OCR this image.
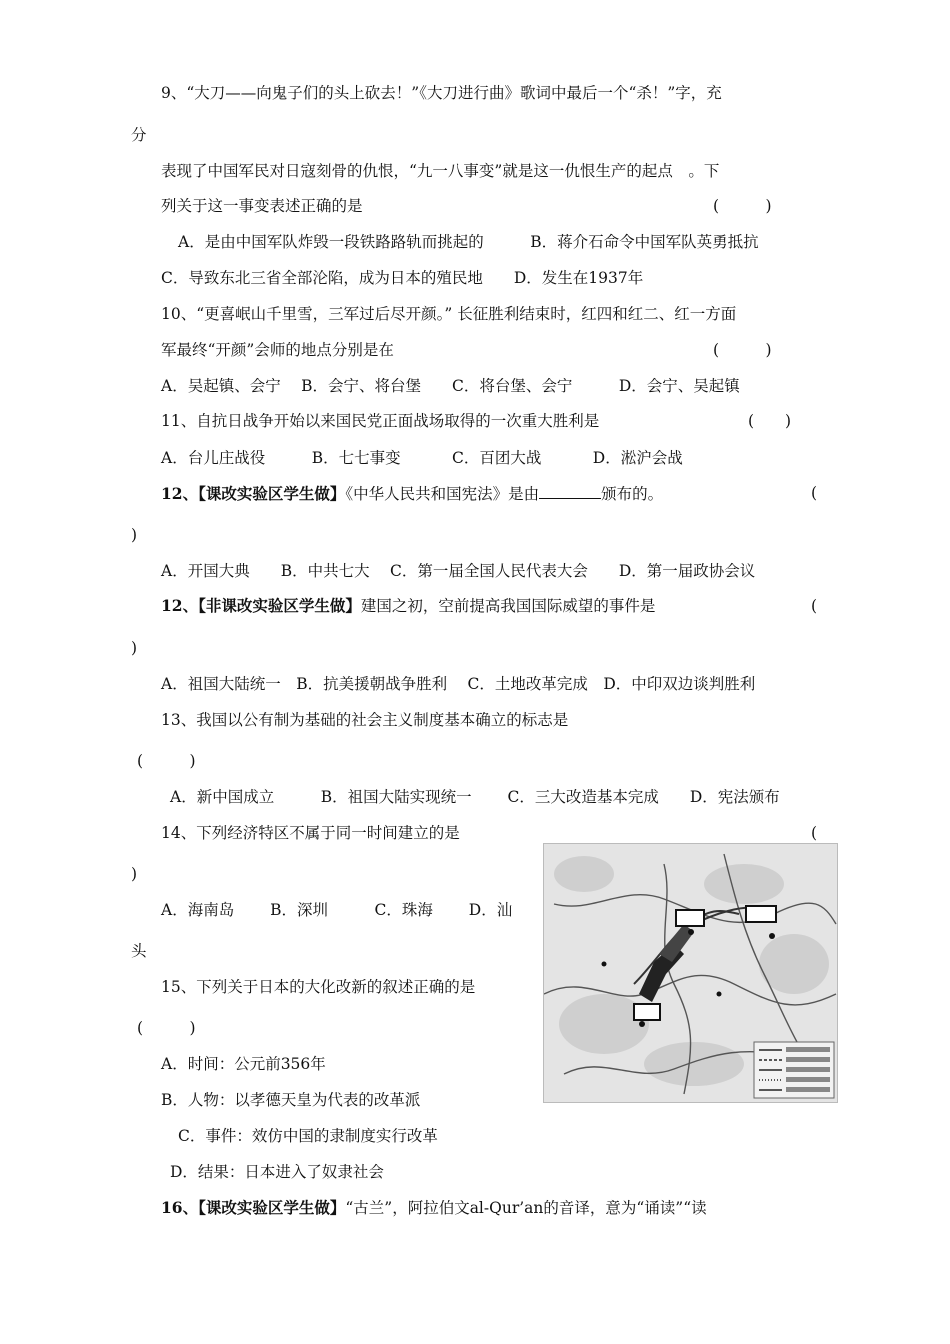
9、“大刀——向鬼子们的头上砍去！”《大刀进行曲》歌词中最后一个“杀！”字，充
分
表现了中国军民对日寇刻骨的仇恨，“九一八事变”就是这一仇恨生产的起点　。下
列关于这一事变表述正确的是	(　　　)
A．是由中国军队炸毁一段铁路路轨而挑起的　　　B．蒋介石命令中国军队英勇抵抗
C．导致东北三省全部沦陷，成为日本的殖民地　　D．发生在1937年
10、“更喜岷山千里雪，三军过后尽开颜。” 长征胜利结束时，红四和红二、红一方面
军最终“开颜”会师的地点分别是在	(　　　)
A．吴起镇、会宁　 B．会宁、将台堡　　C．将台堡、会宁　　　D．会宁、吴起镇
11、自抗日战争开始以来国民党正面战场取得的一次重大胜利是	(　　)
A．台儿庄战役　　　B．七七事变　　　 C．百团大战　　　 D．淞沪会战
12、【课改实验区学生做】《中华人民共和国宪法》是由	颁布的。	(
)
A．开国大典　　B．中共七大　 C．第一届全国人民代表大会　　D．第一届政协会议
12、【非课改实验区学生做】建国之初，空前提高我国国际威望的事件是	(
)
A．祖国大陆统一　B．抗美援朝战争胜利　 C．土地改革完成　D．中印双边谈判胜利
13、我国以公有制为基础的社会主义制度基本确立的标志是
(　　　)
A．新中国成立　　　B．祖国大陆实现统一　　 C．三大改造基本完成　　D．宪法颁布
14、下列经济特区不属于同一时间建立的是	(
)
A．海南岛　　 B．深圳　　　C．珠海　　 D．汕
头
15、下列关于日本的大化改新的叙述正确的是
(　　　)
A．时间：公元前356年
B．人物：以孝德天皇为代表的改革派
C．事件：效仿中国的隶制度实行改革
D．结果：日本进入了奴隶社会
16、【课改实验区学生做】“古兰”，阿拉伯文al-Qur’an的音译，意为“诵读”“读
